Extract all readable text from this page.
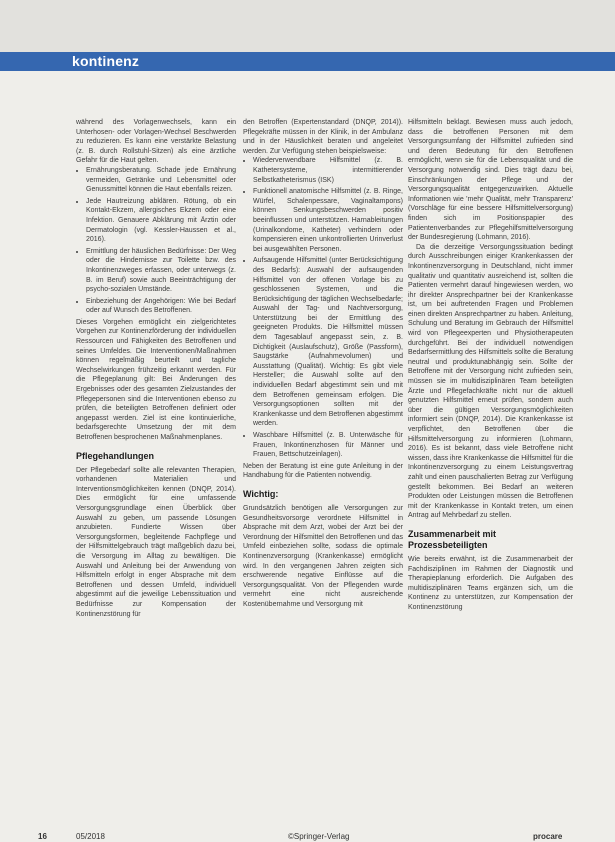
kontinenz

während des Vorlagenwechsels, kann ein Unterhosen- oder Vorlagen-Wechsel Beschwerden zu reduzieren. Es kann eine verstärkte Belastung (z. B. durch Rollstuhl-Sitzen) als eine ärztliche Gefahr für die Haut gelten.

• Ernährungsberatung. Schade jede Ernährung vermeiden, Getränke und Lebensmittel oder Genussmittel können die Haut ebenfalls reizen.
• Jede Hautreizung abklären. Rötung, ob ein Kontakt-Ekzem, allergisches Ekzem oder eine Infektion. Genauere Abklärung mit Ärztin oder Dermatologin (vgl. Kessler-Haussen et al., 2016).
• Ermittlung der häuslichen Bedürfnisse: Der Weg oder die Hindernisse zur Toilette bzw. des Inkontinenzweges erfassen, oder unterwegs (z. B. im Beruf) sowie auch Beeinträchtigung der psycho-sozialen Umstände.
• Einbeziehung der Angehörigen: Wie bei Bedarf oder auf Wunsch des Betroffenen.

Dieses Vorgehen ermöglicht ein zielgerichtetes Vorgehen zur Kontinenzförderung der individuellen Ressourcen und Fähigkeiten des Betroffenen und seines Umfeldes. Die Interventionen/Maßnahmen können regelmäßig beurteilt und tagliche Wechselwirkungen frühzeitig erkannt werden. Für die Pflegeplanung gilt: Bei Änderungen des Ergebnisses oder des gesamten Zielzustandes der Pflegepersonen sind die Interventionen ebenso zu prüfen, die beteiligten Betroffenen definiert oder angepasst werden. Ziel ist eine kontinuierliche, bedarfsgerechte Umsetzung der mit dem Betroffenen besprochenen Maßnahmenplanes.

Pflegehandlungen

Der Pflegebedarf sollte alle relevanten Therapien, vorhandenen Materialien und Interventionsmöglichkeiten kennen (DNQP, 2014). Dies ermöglicht für eine umfassende Versorgungsgrundlage einen Überblick über Auswahl zu geben, um passende Lösungen anzubieten. Fundierte Wissen über Versorgungsformen, begleitende Fachpflege und der Hilfsmittelgebrauch trägt maßgeblich dazu bei, die Versorgung im Alltag zu bewältigen. Die Auswahl und Anleitung bei der Anwendung von Hilfsmitteln erfolgt in enger Absprache mit dem Betroffenen und dessen Umfeld, individuell abgestimmt auf die jeweilige Lebenssituation und Bedürfnisse zur Kompensation der Kontinenzstörung für

den Betroffen (Expertenstandard (DNQP, 2014)). Pflegekräfte müssen in der Klinik, in der Ambulanz und in der Häuslichkeit beraten und angeleitet werden. Zur Verfügung stehen beispielsweise:

• Wiederverwendbare Hilfsmittel (z. B. Kathetersysteme, intermittierender Selbstkatheterismus (ISK)
• Funktionell anatomische Hilfsmittel (z. B. Ringe, Würfel, Schalenpessare, Vaginaltampons) können Senkungsbeschwerden positiv beeinflussen und unterstützen. Harnableitungen (Urinalkondome, Katheter) verhindern oder kompensieren einen unkontrollierten Urinverlust bei ausgewählten Personen.
• Aufsaugende Hilfsmittel (unter Berücksichtigung des Bedarfs): Auswahl der aufsaugenden Hilfsmittel von der offenen Vorlage bis zu geschlossenen Systemen, und die Berücksichtigung der täglichen Wechselbedarfe; Auswahl der Tag- und Nachtversorgung, Unterstützung bei der Ermittlung des geeigneten Produkts. Die Hilfsmittel müssen dem Tagesablauf angepasst sein, z. B. Dichtigkeit (Auslaufschutz), Größe (Passform), Saugstärke (Aufnahmevolumen) und Ausstattung (Qualität). Wichtig: Es gibt viele Hersteller; die Auswahl sollte auf den individuellen Bedarf abgestimmt sein und mit dem Betroffenen gemeinsam erfolgen. Die Versorgungsoptionen sollten mit der Krankenkasse und dem Betroffenen abgestimmt werden.
• Waschbare Hilfsmittel (z. B. Unterwäsche für Frauen, Inkontinenzhosen für Männer und Frauen, Bettschutzeinlagen).

Neben der Beratung ist eine gute Anleitung in der Handhabung für die Patienten notwendig.

Wichtig:

Grundsätzlich benötigen alle Versorgungen zur Gesundheitsvorsorge verordnete Hilfsmittel in Absprache mit dem Arzt, wobei der Arzt bei der Verordnung der Hilfsmittel den Betroffenen und das Umfeld einbeziehen sollte, sodass die optimale Kontinenzversorgung (Krankenkasse) ermöglicht wird. In den vergangenen Jahren zeigten sich erschwerende negative Einflüsse auf die Versorgungsqualität. Von der Pflegenden wurde vermehrt eine nicht ausreichende Kostenübernahme und Versorgung mit

Hilfsmitteln beklagt. Bewiesen muss auch jedoch, dass die betroffenen Personen mit dem Versorgungsumfang der Hilfsmittel zufrieden sind und deren Bedeutung für den Betroffenen ermöglicht, wenn sie für die Lebensqualität und die Versorgung notwendig sind. Dies trägt dazu bei, Einschränkungen der Pflege und der Versorgungsqualität entgegenzuwirken. Aktuelle Informationen wie 'mehr Qualität, mehr Transparenz' (Vorschläge für eine bessere Hilfsmittelversorgung) finden sich im Positionspapier des Patientenverbandes zur Pflegehilfsmittelversorgung der Bundesregierung (Lohmann, 2016).

Da die derzeitige Versorgungssituation bedingt durch Ausschreibungen einiger Krankenkassen der Inkontinenzversorgung in Deutschland, nicht immer qualitativ und quantitativ ausreichend ist, sollten die Patienten vermehrt darauf hingewiesen werden, wo ihr direkter Ansprechpartner bei der Krankenkasse ist, um bei auftretenden Fragen und Problemen einen direkten Ansprechpartner zu haben. Anleitung, Schulung und Beratung im Gebrauch der Hilfsmittel wird von Pflegeexperten und Physiotherapeuten durchgeführt. Bei der individuell notwendigen Bedarfsermittlung des Hilfsmittels sollte die Beratung neutral und produktunabhängig sein. Sollte der Betroffene mit der Versorgung nicht zufrieden sein, müssen sie im multidisziplinären Team beteiligten Ärzte und Pflegefachkräfte nicht nur die aktuell genutzten Hilfsmittel erneut prüfen, sondern auch über die gültigen Versorgungsmöglichkeiten informiert sein (DNQP, 2014). Die Krankenkasse ist verpflichtet, den Betroffenen über die Hilfsmittelversorgung zu informieren (Lohmann, 2016). Es ist bekannt, dass viele Betroffene nicht wissen, dass ihre Krankenkasse die Hilfsmittel für die Inkontinenzversorgung zu einem Leistungsvertrag zahlt und einen pauschalierten Betrag zur Verfügung gestellt bekommen. Bei Bedarf an weiteren Produkten oder Leistungen müssen die Betroffenen mit der Krankenkasse in Kontakt treten, um einen Antrag auf Mehrbedarf zu stellen.

Zusammenarbeit mit Prozessbeteiligten

Wie bereits erwähnt, ist die Zusammenarbeit der Fachdisziplinen im Rahmen der Diagnostik und Therapieplanung erforderlich. Die Aufgaben des multidisziplinären Teams ergänzen sich, um die Kontinenz zu unterstützen, zur Kompensation der Kontinenzstörung

16	05/2018	©Springer-Verlag	procare
